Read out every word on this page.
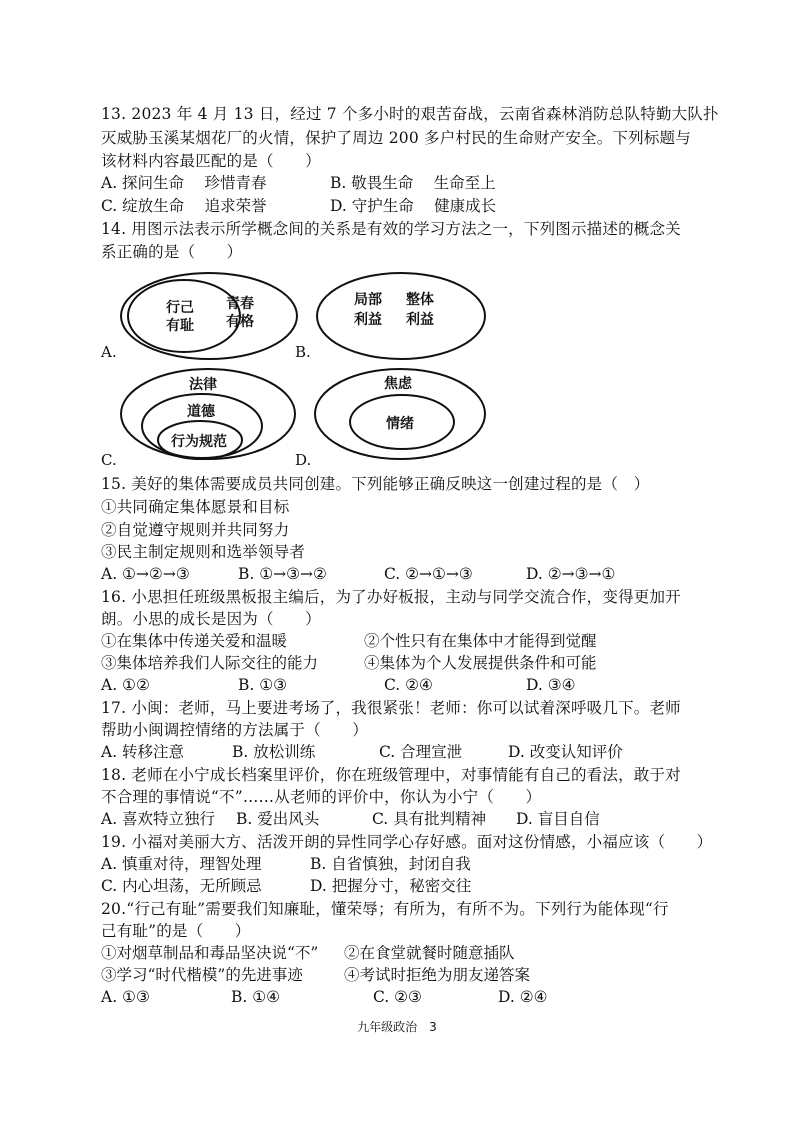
13. 2023 年 4 月 13 日，经过 7 个多小时的艰苦奋战，云南省森林消防总队特勤大队扑
灭威胁玉溪某烟花厂的火情，保护了周边 200 多户村民的生命财产安全。下列标题与
该材料内容最匹配的是（　　）
A. 探问生命　 珍惜青春	B. 敬畏生命　 生命至上
C. 绽放生命　 追求荣誉	D. 守护生命　 健康成长
14. 用图示法表示所学概念间的关系是有效的学习方法之一，下列图示描述的概念关
系正确的是（　　）
A.
行己
有耻
青春
有格
B.
局部
利益
整体
利益
C.
法律
道德
行为规范
D.
焦虑
情绪
15. 美好的集体需要成员共同创建。下列能够正确反映这一创建过程的是（　）
①共同确定集体愿景和目标
②自觉遵守规则并共同努力
③民主制定规则和选举领导者
A. ①→②→③	B. ①→③→②	C. ②→①→③	D. ②→③→①
16. 小思担任班级黑板报主编后，为了办好板报，主动与同学交流合作，变得更加开
朗。小思的成长是因为（　　）
①在集体中传递关爱和温暖	②个性只有在集体中才能得到觉醒
③集体培养我们人际交往的能力	④集体为个人发展提供条件和可能
A. ①②	B. ①③	C. ②④	D. ③④
17. 小闽：老师，马上要进考场了，我很紧张！老师：你可以试着深呼吸几下。老师
帮助小闽调控情绪的方法属于（　　）
A. 转移注意	B. 放松训练	C. 合理宣泄	D. 改变认知评价
18. 老师在小宁成长档案里评价，你在班级管理中，对事情能有自己的看法，敢于对
不合理的事情说“不”……从老师的评价中，你认为小宁（　　）
A. 喜欢特立独行 B. 爱出风头	C. 具有批判精神 D. 盲目自信
19. 小福对美丽大方、活泼开朗的异性同学心存好感。面对这份情感，小福应该（　　）
A. 慎重对待，理智处理	B. 自省慎独，封闭自我
C. 内心坦荡，无所顾忌	D. 把握分寸，秘密交往
20.“行己有耻”需要我们知廉耻，懂荣辱；有所为，有所不为。下列行为能体现“行
己有耻”的是（　　）
①对烟草制品和毒品坚决说“不” ②在食堂就餐时随意插队
③学习“时代楷模”的先进事迹	④考试时拒绝为朋友递答案
A. ①③	B. ①④	C. ②③	D. ②④
九年级政治　3
